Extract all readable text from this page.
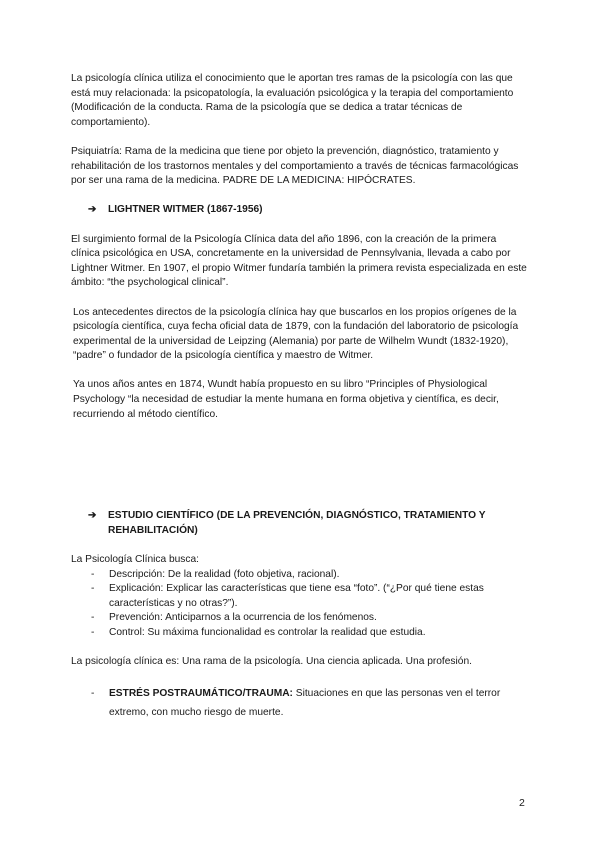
La psicología clínica utiliza el conocimiento que le aportan tres ramas de la psicología con las que está muy relacionada: la psicopatología, la evaluación psicológica y la terapia del comportamiento (Modificación de la conducta. Rama de la psicología que se dedica a tratar técnicas de comportamiento).

Psiquiatría: Rama de la medicina que tiene por objeto la prevención, diagnóstico, tratamiento y rehabilitación de los trastornos mentales y del comportamiento a través de técnicas farmacológicas por ser una rama de la medicina. PADRE DE LA MEDICINA: HIPÓCRATES.

➔	LIGHTNER WITMER (1867-1956)

El surgimiento formal de la Psicología Clínica data del año 1896, con la creación de la primera clínica psicológica en USA, concretamente en la universidad de Pennsylvania, llevada a cabo por Lightner Witmer. En 1907, el propio Witmer fundaría también la primera revista especializada en este ámbito: “the psychological clinical”.

Los antecedentes directos de la psicología clínica hay que buscarlos en los propios orígenes de la psicología científica, cuya fecha oficial data de 1879, con la fundación del laboratorio de psicología experimental de la universidad de Leipzing (Alemania) por parte de Wilhelm Wundt (1832-1920), “padre” o fundador de la psicología científica y maestro de Witmer.

Ya unos años antes en 1874, Wundt había propuesto en su libro “Principles of Physiological Psychology “la necesidad de estudiar la mente humana en forma objetiva y científica, es decir, recurriendo al método científico.

➔	ESTUDIO CIENTÍFICO (DE LA PREVENCIÓN, DIAGNÓSTICO, TRATAMIENTO Y REHABILITACIÓN)

La Psicología Clínica busca:

-	Descripción: De la realidad (foto objetiva, racional).
-	Explicación: Explicar las características que tiene esa “foto”. (“¿Por qué tiene estas características y no otras?”).
-	Prevención: Anticiparnos a la ocurrencia de los fenómenos.
-	Control: Su máxima funcionalidad es controlar la realidad que estudia.

La psicología clínica es: Una rama de la psicología. Una ciencia aplicada. Una profesión.

-	ESTRÉS POSTRAUMÁTICO/TRAUMA: Situaciones en que las personas ven el terror extremo, con mucho riesgo de muerte.
2
